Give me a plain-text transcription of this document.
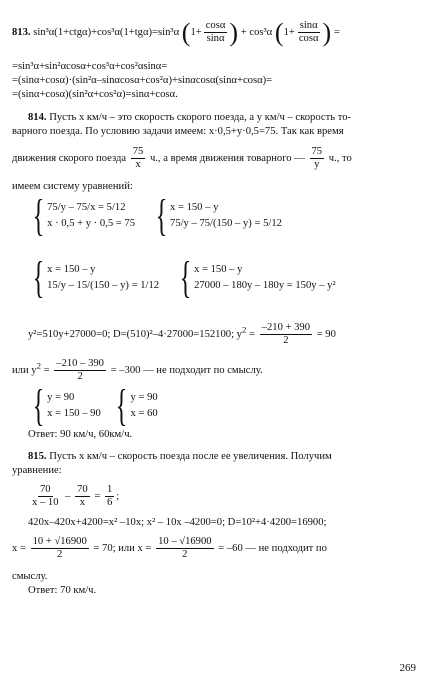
813. sin³α(1+ctgα)+cos³α(1+tgα)=sin³α ($1+ \frac{\cos\alpha}{\sin\alpha}$ ) + cos³α ($1+ \frac{\sin\alpha}{\cos\alpha}$ ) =
=sin³α+sin²αcosα+cos³α+cos²αsinα=
=(sinα+cosα)·(sin²α–sinαcosα+cos²α)+sinαcosα(sinα+cosα)=
=(sinα+cosα)(sin²α+cos²α)=sinα+cosα.
814. Пусть x км/ч – это скорость скорого поезда, а y км/ч – скорость то-
варного поезда. По условию задачи имеем: x·0,5+y·0,5=75. Так как время
движения скорого поезда $\frac{75}{x} ч$., а время движения товарного — $\frac{75}{y} ч$., то
имеем систему уравнений:
{ 75/y – 75/x = 5/12
x · 0,5 + y · 0,5 = 75
{ x = 150 – y
75/y – 75/(150 – y) = 5/12
{ x = 150 – y
15/y – 15/(150 – y) = 1/12
{ x = 150 – y
27000 – 180y – 180y = 150y – y²
y²=510y+27000=0; D=(510)²–4·27000=152100; $y^2 = \frac{-210 + 390}{2} = 90$
или $y^2 = \frac{-210 - 390}{2} = -300$ — не подходит по смыслу.
{ y = 90
x = 150 – 90
{ y = 90
x = 60
Ответ: 90 км/ч, 60км/ч.
815. Пусть x км/ч – скорость поезда после ее увеличения. Получим
уравнение:
$\frac{70}{x - 10} - \frac{70}{x} = \frac{1}{6}$ ;
420x–420x+4200=x² –10x; x² – 10x –4200=0; D=10²+4·4200=16900;
$x = \frac{10 + √16900}{2} = 70$; или $x = \frac{10 - √16900}{2} = -60$ — не подходит по
смыслу.
Ответ: 70 км/ч.
269
